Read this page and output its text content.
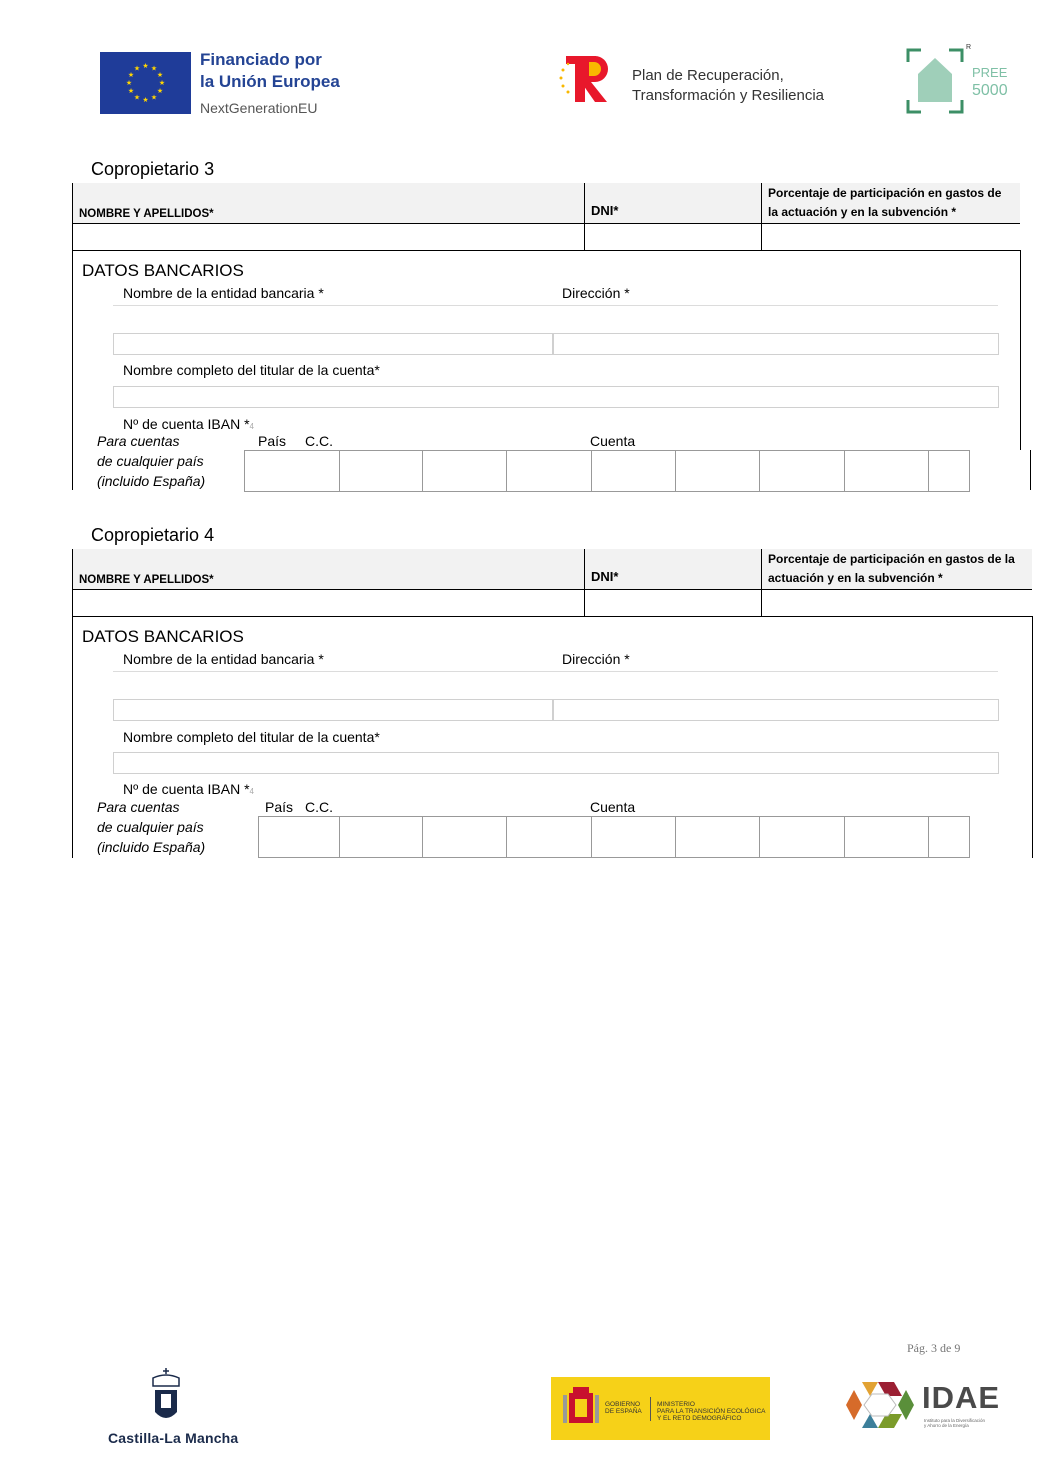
★ ★
★
★
★
★
★
★
★
★
★
★	Financiado por
la Unión Europea
NextGenerationEU
Plan de Recuperación,
Transformación y Resiliencia
R
PREE
5000
Copropietario 3
NOMBRE Y APELLIDOS*	DNI*
Porcentaje de participación en gastos de
la actuación y en la subvención *
DATOS BANCARIOS
Nombre de la entidad bancaria *	Dirección *
Nombre completo del titular de la cuenta*
Nº de cuenta IBAN *4
Para cuentas
de cualquier país
(incluido España)
País C.C.	Cuenta
Copropietario 4
NOMBRE Y APELLIDOS*	DNI*
Porcentaje de participación en gastos de la
actuación y en la subvención *
DATOS BANCARIOS
Nombre de la entidad bancaria *	Dirección *
Nombre completo del titular de la cuenta*
Nº de cuenta IBAN *4
Para cuentas
de cualquier país
(incluido España)
País C.C.	Cuenta
Pág. 3 de 9
Castilla-La Mancha
GOBIERNO
DE ESPAÑA
MINISTERIO
PARA LA TRANSICIÓN ECOLÓGICA
Y EL RETO DEMOGRÁFICO
IDAE
Instituto para la Diversificación
y Ahorro de la Energía
